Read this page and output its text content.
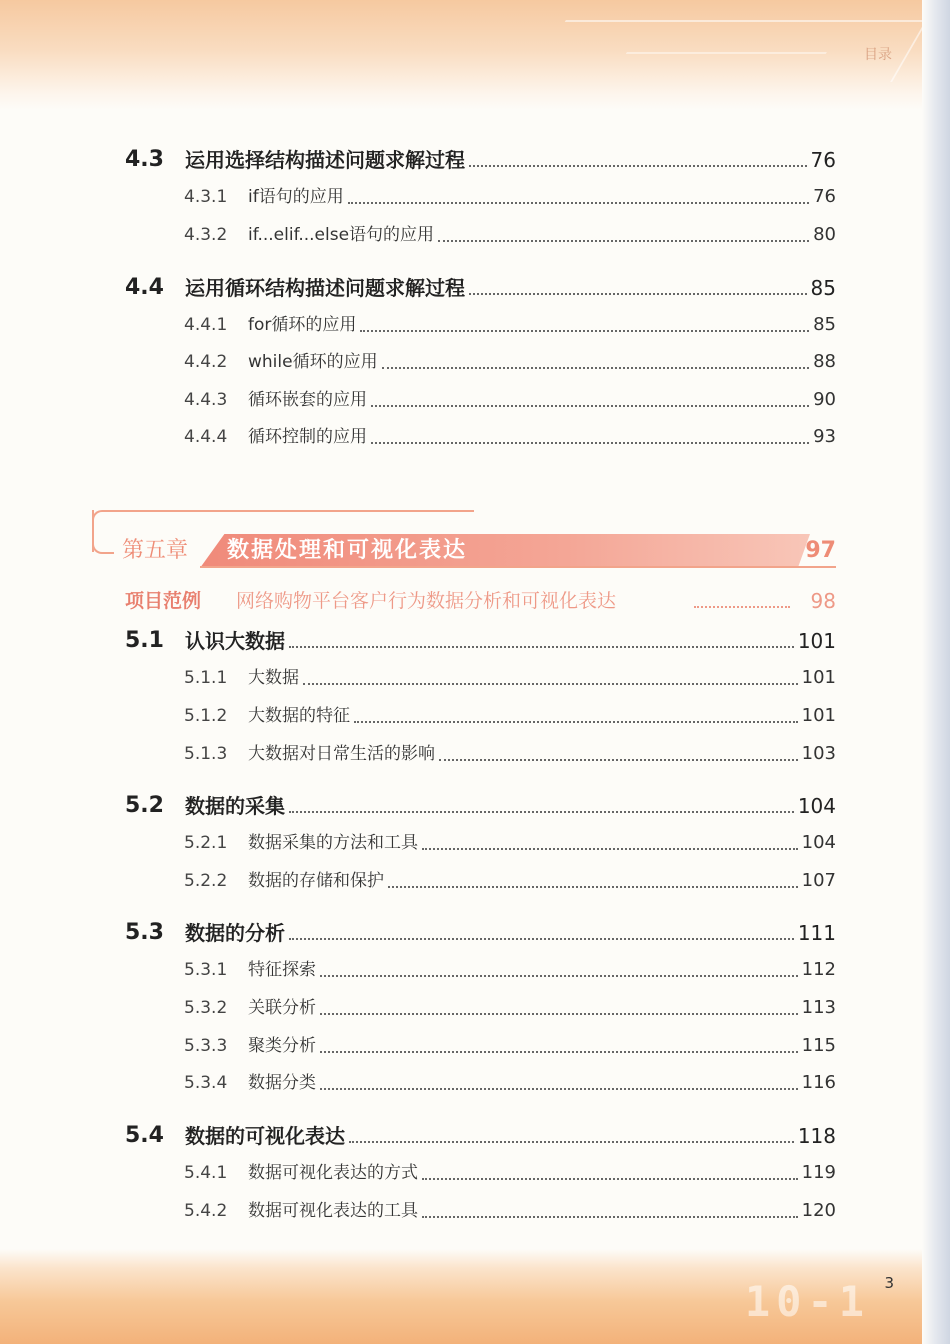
目录
4.3 运用选择结构描述问题求解过程	76
4.3.1 if语句的应用	76
4.3.2 if...elif...else语句的应用	80
4.4 运用循环结构描述问题求解过程	85
4.4.1 for循环的应用	85
4.4.2 while循环的应用	88
4.4.3 循环嵌套的应用	90
4.4.4 循环控制的应用	93
第五章 数据处理和可视化表达	97
项目范例 网络购物平台客户行为数据分析和可视化表达	98
5.1 认识大数据	101
5.1.1 大数据	101
5.1.2 大数据的特征	101
5.1.3 大数据对日常生活的影响	103
5.2 数据的采集	104
5.2.1 数据采集的方法和工具	104
5.2.2 数据的存储和保护	107
5.3 数据的分析	111
5.3.1 特征探索	112
5.3.2 关联分析	113
5.3.3 聚类分析	115
5.3.4 数据分类	116
5.4 数据的可视化表达	118
5.4.1 数据可视化表达的方式	119
5.4.2 数据可视化表达的工具	120
10-1 3
